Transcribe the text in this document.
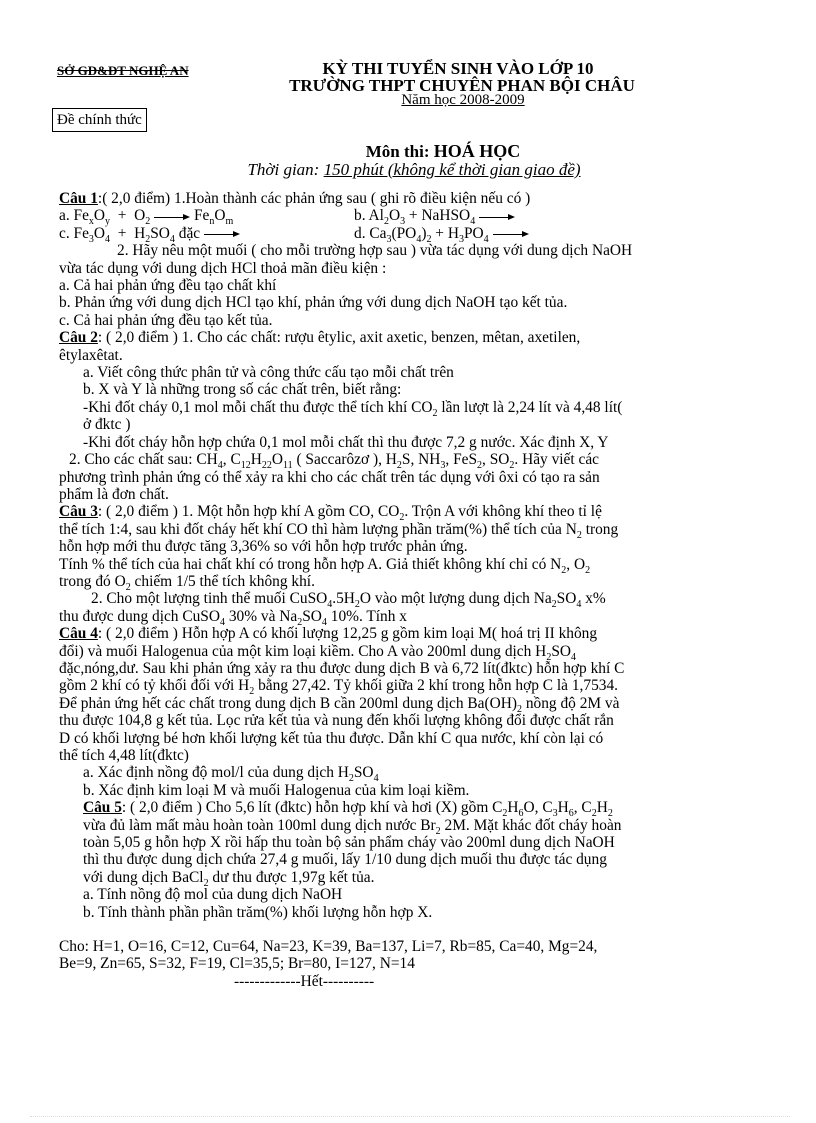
SỞ GD&ĐT NGHỆ AN	KỲ THI TUYỂN SINH VÀO LỚP 10
TRƯỜNG THPT CHUYÊN PHAN BỘI CHÂU
Năm học 2008-2009
Đề chính thức
Môn thi: HOÁ HỌC
Thời gian: 150 phút (không kể thời gian giao đề)

Câu 1:( 2,0 điểm) 1.Hoàn thành các phản ứng sau ( ghi rõ điều kiện nếu có )

a. $Fe_xO_y + O_2$	$Fe_nO_m$	b. $Al_2O_3$ + NaHSO$_4$

c. $Fe_3O_4 + H_2SO_4$ đặc	d. $Ca_3(PO_4)_2 + H_3PO_4$

2. Hãy nêu một muối ( cho mỗi trường hợp sau ) vừa tác dụng với dung dịch NaOH

vừa tác dụng với dung dịch HCl thoả mãn điều kiện :

a. Cả hai phản ứng đều tạo chất khí

b. Phản ứng với dung dịch HCl tạo khí, phản ứng với dung dịch NaOH tạo kết tủa.

c. Cả hai phản ứng đều tạo kết tủa.

Câu 2: ( 2,0 điểm ) 1. Cho các chất: rượu êtylic, axit axetic, benzen, mêtan, axetilen,

êtylaxêtat.

a. Viết công thức phân tử và công thức cấu tạo mỗi chất trên

b. X và Y là những trong số các chất trên, biết rằng:

-Khi đốt cháy 0,1 mol mỗi chất thu được thể tích khí $CO_2$ lần lượt là 2,24 lít và 4,48 lít(

ở đktc )

-Khi đốt cháy hỗn hợp chứa 0,1 mol mỗi chất thì thu được 7,2 g nước. Xác định X, Y

2. Cho các chất sau: $CH_4$, $C_{12}H_{22}O_{11}$ ( Saccarôzơ ), $H_2S$, $NH_3$, FeS$_2$, $SO_2$. Hãy viết các

phương trình phản ứng có thể xảy ra khi cho các chất trên tác dụng với ôxi có tạo ra sản

phẩm là đơn chất.

Câu 3: ( 2,0 điểm ) 1. Một hỗn hợp khí A gồm CO, $CO_2$. Trộn A với không khí theo tỉ lệ

thể tích 1:4, sau khi đốt cháy hết khí CO thì hàm lượng phần trăm(%) thể tích của $N_2$ trong

hỗn hợp mới thu được tăng 3,36% so với hỗn hợp trước phản ứng.

Tính % thể tích của hai chất khí có trong hỗn hợp A. Giả thiết không khí chỉ có $N_2$, $O_2$

trong đó $O_2$ chiếm 1/5 thể tích không khí.

2. Cho một lượng tinh thể muối $CuSO_4.5H_2O$ vào một lượng dung dịch $Na_2SO_4$ x%

thu được dung dịch CuSO$_4$ 30% và $Na_2SO_4$ 10%. Tính x

Câu 4: ( 2,0 điểm ) Hỗn hợp A có khối lượng 12,25 g gồm kim loại M( hoá trị II không

đổi) và muối Halogenua của một kim loại kiềm. Cho A vào 200ml dung dịch $H_2SO_4$

đặc,nóng,dư. Sau khi phản ứng xảy ra thu được dung dịch B và 6,72 lít(đktc) hỗn hợp khí C

gồm 2 khí có tỷ khối đối với $H_2$ bằng 27,42. Tỷ khối giữa 2 khí trong hỗn hợp C là 1,7534.

Để phản ứng hết các chất trong dung dịch B cần 200ml dung dịch $Ba(OH)_2$ nồng độ 2M và

thu được 104,8 g kết tủa. Lọc rửa kết tủa và nung đến khối lượng không đổi được chất rắn

D có khối lượng bé hơn khối lượng kết tủa thu được. Dẫn khí C qua nước, khí còn lại có

thể tích 4,48 lít(đktc)

a. Xác định nồng độ mol/l của dung dịch $H_2SO_4$

b. Xác định kim loại M và muối Halogenua của kim loại kiềm.

Câu 5: ( 2,0 điểm ) Cho 5,6 lít (đktc) hỗn hợp khí và hơi (X) gồm $C_2H_6O$, $C_3H_6$, $C_2H_2$

vừa đủ làm mất màu hoàn toàn 100ml dung dịch nước $Br_2$ 2M. Mặt khác đốt cháy hoàn

toàn 5,05 g hỗn hợp X rồi hấp thu toàn bộ sản phẩm cháy vào 200ml dung dịch NaOH

thì thu được dung dịch chứa 27,4 g muối, lấy 1/10 dung dịch muối thu được tác dụng

với dung dịch BaCl$_2$ dư thu được 1,97g kết tủa.

a. Tính nồng độ mol của dung dịch NaOH

b. Tính thành phần phần trăm(%) khối lượng hỗn hợp X.

Cho: H=1, O=16, C=12, Cu=64, Na=23, K=39, Ba=137, Li=7, Rb=85, Ca=40, Mg=24,

Be=9, Zn=65, S=32, F=19, Cl=35,5; Br=80, I=127, N=14

-------------Hết----------
